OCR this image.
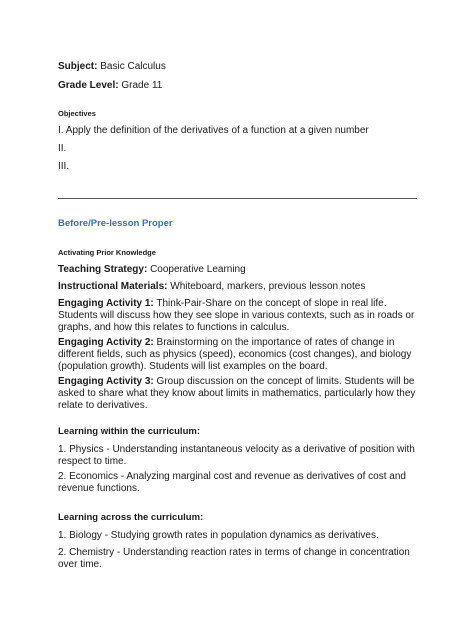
Subject: Basic Calculus

Grade Level: Grade 11

Objectives

I. Apply the definition of the derivatives of a function at a given number

II.

III.

Before/Pre-lesson Proper

Activating Prior Knowledge

Teaching Strategy: Cooperative Learning

Instructional Materials: Whiteboard, markers, previous lesson notes

Engaging Activity 1: Think-Pair-Share on the concept of slope in real life. Students will discuss how they see slope in various contexts, such as in roads or graphs, and how this relates to functions in calculus.

Engaging Activity 2: Brainstorming on the importance of rates of change in different fields, such as physics (speed), economics (cost changes), and biology (population growth). Students will list examples on the board.

Engaging Activity 3: Group discussion on the concept of limits. Students will be asked to share what they know about limits in mathematics, particularly how they relate to derivatives.

Learning within the curriculum:

1. Physics - Understanding instantaneous velocity as a derivative of position with respect to time.

2. Economics - Analyzing marginal cost and revenue as derivatives of cost and revenue functions.

Learning across the curriculum:

1. Biology - Studying growth rates in population dynamics as derivatives.

2. Chemistry - Understanding reaction rates in terms of change in concentration over time.
